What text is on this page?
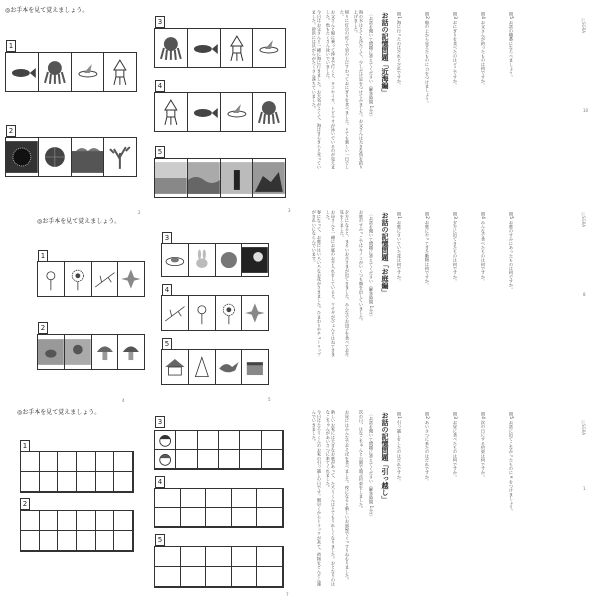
◎お手本を見て覚えましょう。
1
2
2
◎お手本を見て覚えましょう。
1
2
4
◎お手本を見て覚えましょう。
1
2
3
4
5
3
3
4
5
5
3
4
5
7
ⓒSGRA
10
今日はお父さんと一緒に海に行きました。お天気がよくて、海はきらきらと光っていました。砂浜には貝がらがたくさん落ちていました。	お父さんと船に乗って沖まで行くと、タコやイカ、トビウオが泳いでいるのが見えました。魚もたくさん泳いでいました。	帰りに灯台の近くで岩の上にすわっておにぎりを食べました。とても楽しい一日でした。	海の水はとても冷たくて、少しだけ足をつけてみました。お父さんは大きな魚を釣り上げました。	〈お話を聞いて問題に答えてください（解答時間 1分）〉 お話の記憶問題「近海編」 問1 海に行ったのはだれとだれですか。	問2 船の上から見えたものに○をつけましょう。	問3 おにぎりを食べたのはどこですか。	問4 お父さんが釣ったものは何ですか。	問5 お話の順番にならべましょう。
ⓒSGRA
8
春になって、お庭にはいろいろなお花がさきました。ひまわりやチューリップがきれいにならんでいます。	お母さんと一緒にお庭のお手入れをしていると、ウサギがぴょんとはねてきました。	夕方になると、まるいお月さまが出てきました。みんなでお団子を食べてお月見をしました。	お庭のすみっこではキノコがいくつも顔を出していました。 〈お話を聞いて問題に答えてください（解答時間 1分）〉 お話の記憶問題「お庭編」 問1 お庭にさいていた花は何ですか。	問2 お庭にやってきた動物は何ですか。	問3 夕方に出てきたものは何ですか。	問4 みんなで食べたものは何ですか。	問5 お庭のすみにあったものは何ですか。
ⓒSGRA
1
今日はたろうくんのお家の引っ越しの日です。朝早くからトラックが来て、荷物をどんどん運んでいきました。	新しいお家には大きなお庭があって、たろうくんはとてもうれしくなりました。おとなりのはなこちゃんがあいさつに来てくれました。	お昼にはみんなでおそばを食べました。夜になると新しいお部屋でぐっすりねむりました。	次の日、はなこちゃんと公園で遊ぶ約束をしました。 〈お話を聞いて問題に答えてください（解答時間 1分）〉 お話の記憶問題「引っ越し」 問1 引っ越しをしたのはだれですか。	問2 あいさつに来たのはだれですか。	問3 お昼に食べたものは何ですか。	問4 次の日にする約束は何ですか。	問5 お話に出てこなかったものに×をつけましょう。
